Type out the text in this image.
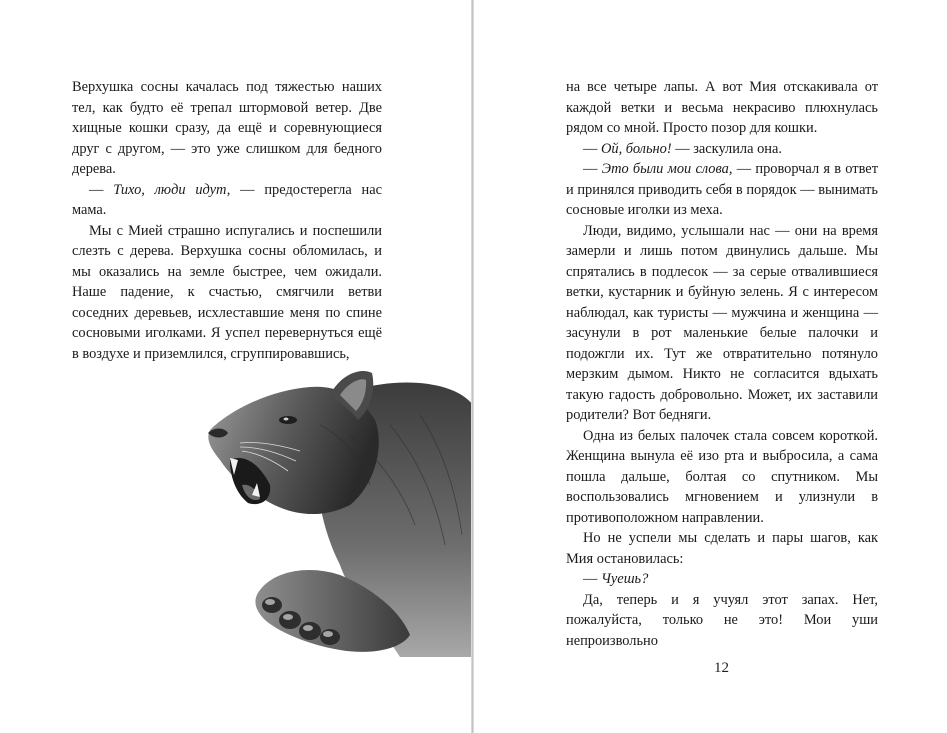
Верхушка сосны качалась под тяжестью наших тел, как будто её трепал штормовой ветер. Две хищные кошки сразу, да ещё и соревнующиеся друг с другом, — это уже слишком для бедного дерева.

— Тихо, люди идут, — предостерегла нас мама.

Мы с Мией страшно испугались и поспешили слезть с дерева. Верхушка сосны обломилась, и мы оказались на земле быстрее, чем ожидали. Наше падение, к счастью, смягчили ветви соседних деревьев, исхлеставшие меня по спине сосновыми иголками. Я успел перевернуться ещё в воздухе и приземлился, сгруппировавшись,

на все четыре лапы. А вот Мия отскакивала от каждой ветки и весьма некрасиво плюхнулась рядом со мной. Просто позор для кошки.

— Ой, больно! — заскулила она.

— Это были мои слова, — проворчал я в ответ и принялся приводить себя в порядок — вынимать сосновые иголки из меха.

Люди, видимо, услышали нас — они на время замерли и лишь потом двинулись дальше. Мы спрятались в подлесок — за серые отвалившиеся ветки, кустарник и буйную зелень. Я с интересом наблюдал, как туристы — мужчина и женщина — засунули в рот маленькие белые палочки и подожгли их. Тут же отвратительно потянуло мерзким дымом. Никто не согласится вдыхать такую гадость добровольно. Может, их заставили родители? Вот бедняги.

Одна из белых палочек стала совсем короткой. Женщина вынула её изо рта и выбросила, а сама пошла дальше, болтая со спутником. Мы воспользовались мгновением и улизнули в противоположном направлении.

Но не успели мы сделать и пары шагов, как Мия остановилась:

— Чуешь?

Да, теперь и я учуял этот запах. Нет, пожалуйста, только не это! Мои уши непроизвольно

12
